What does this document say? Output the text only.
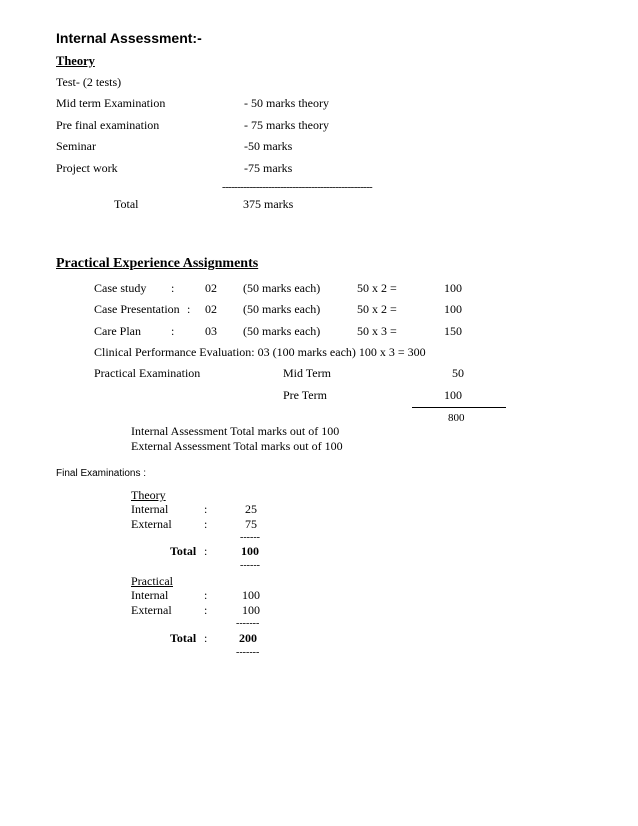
Internal Assessment:-
Theory
Test- (2 tests)
Mid term Examination	- 50 marks theory
Pre final examination	- 75 marks theory
Seminar	-50 marks
Project work	-75 marks
-------------------------------------------------
Total	375 marks
Practical Experience Assignments
Case study :	02 (50 marks each)	50 x 2 =	100
Case Presentation : 02 (50 marks each)	50 x 2 =	100
Care Plan	:	03 (50 marks each)	50 x 3 =	150
Clinical Performance Evaluation: 03 (100 marks each) 100 x 3 = 300
Practical Examination	Mid Term	50
Pre Term	100
800
Internal Assessment Total marks out of 100
External Assessment Total marks out of 100
Final Examinations :
Theory
Internal	:	25
External	:	75
------
Total :	100
------
Practical
Internal	:	100
External	:	100
-------
Total :	200
-------
